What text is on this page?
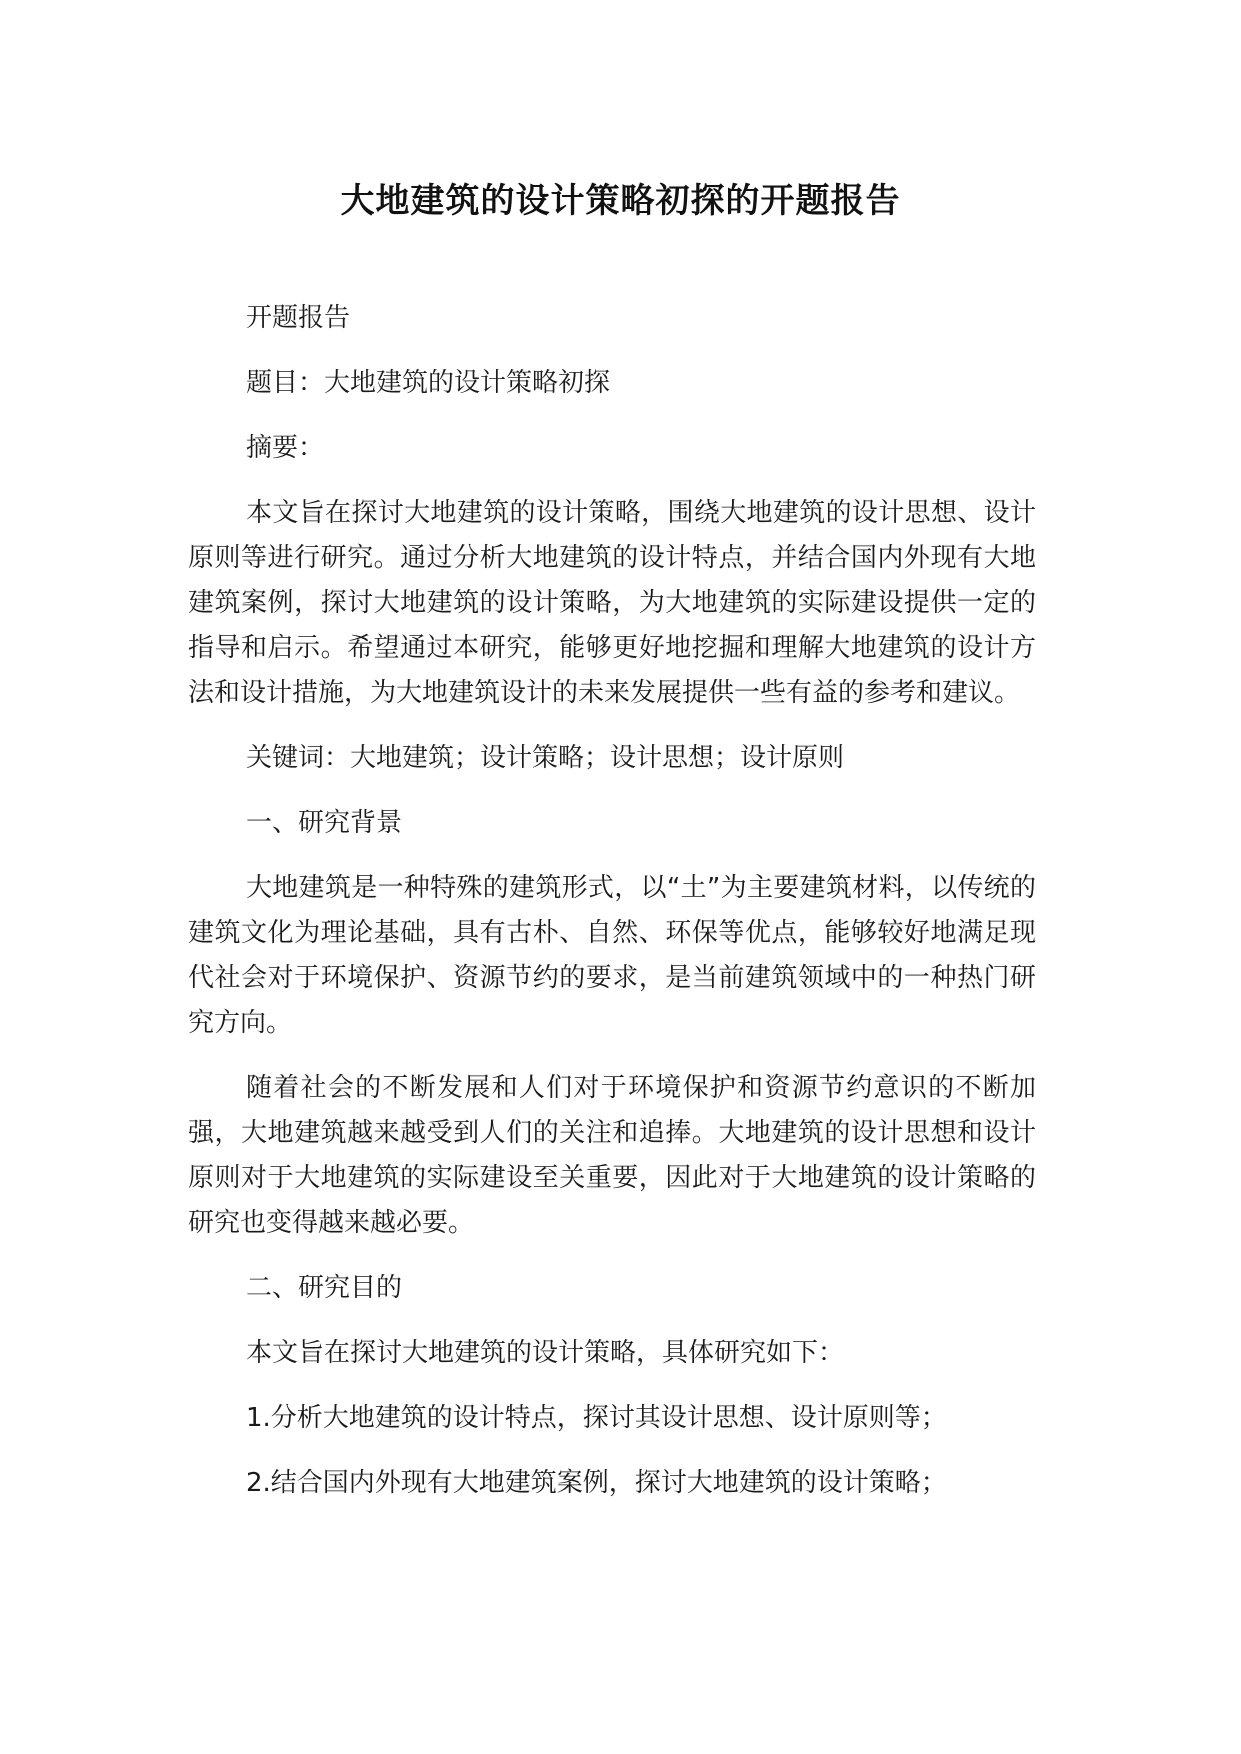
大地建筑的设计策略初探的开题报告

开题报告

题目：大地建筑的设计策略初探

摘要：

本文旨在探讨大地建筑的设计策略，围绕大地建筑的设计思想、设计原则等进行研究。通过分析大地建筑的设计特点，并结合国内外现有大地建筑案例，探讨大地建筑的设计策略，为大地建筑的实际建设提供一定的指导和启示。希望通过本研究，能够更好地挖掘和理解大地建筑的设计方法和设计措施，为大地建筑设计的未来发展提供一些有益的参考和建议。

关键词：大地建筑；设计策略；设计思想；设计原则

一、研究背景

大地建筑是一种特殊的建筑形式，以“土”为主要建筑材料，以传统的建筑文化为理论基础，具有古朴、自然、环保等优点，能够较好地满足现代社会对于环境保护、资源节约的要求，是当前建筑领域中的一种热门研究方向。

随着社会的不断发展和人们对于环境保护和资源节约意识的不断加强，大地建筑越来越受到人们的关注和追捧。大地建筑的设计思想和设计原则对于大地建筑的实际建设至关重要，因此对于大地建筑的设计策略的研究也变得越来越必要。

二、研究目的

本文旨在探讨大地建筑的设计策略，具体研究如下：

1.分析大地建筑的设计特点，探讨其设计思想、设计原则等；

2.结合国内外现有大地建筑案例，探讨大地建筑的设计策略；
